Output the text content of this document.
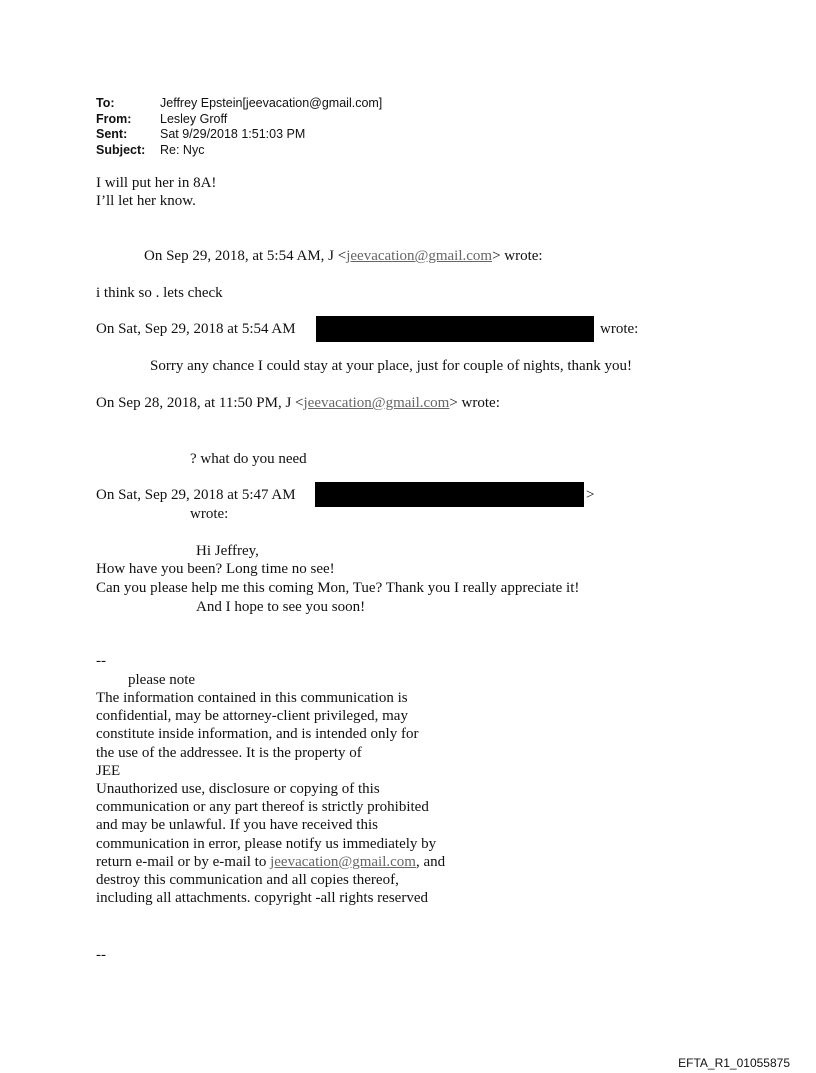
To:	Jeffrey Epstein[jeevacation@gmail.com]
From:	Lesley Groff
Sent:	Sat 9/29/2018 1:51:03 PM
Subject:	Re: Nyc
I will put her in 8A!
I’ll let her know.
On Sep 29, 2018, at 5:54 AM, J <jeevacation@gmail.com> wrote:
i think so . lets check
On Sat, Sep 29, 2018 at 5:54 AM	wrote:
Sorry any chance I could stay at your place, just for couple of nights, thank you!
On Sep 28, 2018, at 11:50 PM, J <jeevacation@gmail.com> wrote:
? what do you need
On Sat, Sep 29, 2018 at 5:47 AM	>
wrote:
Hi Jeffrey,
How have you been? Long time no see!
Can you please help me this coming Mon, Tue? Thank you I really appreciate it!
And I hope to see you soon!
--
please note
The information contained in this communication is
confidential, may be attorney-client privileged, may
constitute inside information, and is intended only for
the use of the addressee. It is the property of
JEE
Unauthorized use, disclosure or copying of this
communication or any part thereof is strictly prohibited
and may be unlawful. If you have received this
communication in error, please notify us immediately by
return e-mail or by e-mail to jeevacation@gmail.com, and
destroy this communication and all copies thereof,
including all attachments. copyright -all rights reserved
--
EFTA_R1_01055875
